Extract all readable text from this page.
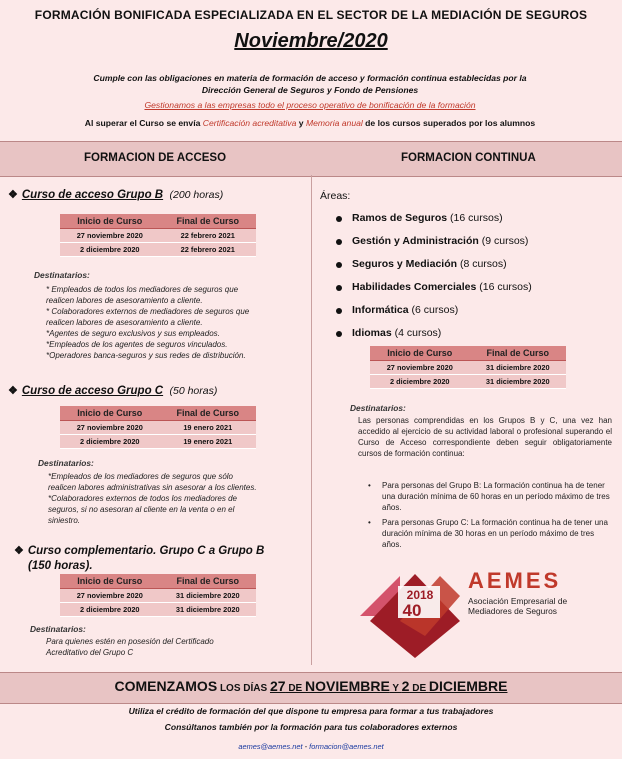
FORMACIÓN BONIFICADA ESPECIALIZADA EN EL SECTOR DE LA MEDIACIÓN DE SEGUROS
Noviembre/2020
Cumple con las obligaciones en materia de formación de acceso y formación continua establecidas por la
Dirección General de Seguros y Fondo de Pensiones
Gestionamos a las empresas todo el proceso operativo de bonificación de la formación
Al superar el Curso se envía Certificación acreditativa y Memoria anual de los cursos superados por los alumnos
FORMACION DE ACCESO	FORMACION CONTINUA
❖ Curso de acceso Grupo B (200 horas)
Inicio de Curso	Final de Curso
27 noviembre 2020	22 febrero 2021
2 diciembre 2020	22 febrero 2021
Destinatarios:
* Empleados de todos los mediadores de seguros que
realicen labores de asesoramiento a cliente.
* Colaboradores externos de mediadores de seguros que
realicen labores de asesoramiento a cliente.
*Agentes de seguro exclusivos y sus empleados.
*Empleados de los agentes de seguros vinculados.
*Operadores banca-seguros y sus redes de distribución.
❖ Curso de acceso Grupo C (50 horas)
Inicio de Curso	Final de Curso
27 noviembre 2020	19 enero 2021
2 diciembre 2020	19 enero 2021
Destinatarios:
*Empleados de los mediadores de seguros que sólo
realicen labores administrativas sin asesorar a los clientes.
*Colaboradores externos de todos los mediadores de
seguros, si no asesoran al cliente en la venta o en el
siniestro.
❖ Curso complementario. Grupo C a Grupo B
(150 horas).
Inicio de Curso	Final de Curso
27 noviembre 2020	31 diciembre 2020
2 diciembre 2020	31 diciembre 2020
Destinatarios:
Para quienes estén en posesión del Certificado
Acreditativo del Grupo C
Áreas:
Ramos de Seguros (16 cursos)
Gestión y Administración (9 cursos)
Seguros y Mediación (8 cursos)
Habilidades Comerciales (16 cursos)
Informática (6 cursos)
Idiomas (4 cursos)
Inicio de Curso	Final de Curso
27 noviembre 2020	31 diciembre 2020
2 diciembre 2020	31 diciembre 2020
Destinatarios:
Las personas comprendidas en los Grupos B y C, una vez han accedido al ejercicio de su actividad laboral o profesional superando el Curso de Acceso correspondiente deben seguir obligatoriamente cursos de formación continua:
• Para personas del Grupo B: La formación continua ha de tener una duración mínima de 60 horas en un período máximo de tres años.
• Para personas Grupo C: La formación continua ha de tener una duración mínima de 30 horas en un período máximo de tres años.
2018
40
AEMES
Asociación Empresarial de
Mediadores de Seguros
COMENZAMOS LOS DÍAS 27 DE NOVIEMBRE Y 2 DE DICIEMBRE
Utiliza el crédito de formación del que dispone tu empresa para formar a tus trabajadores
Consúltanos también por la formación para tus colaboradores externos
aemes@aemes.net - formacion@aemes.net
